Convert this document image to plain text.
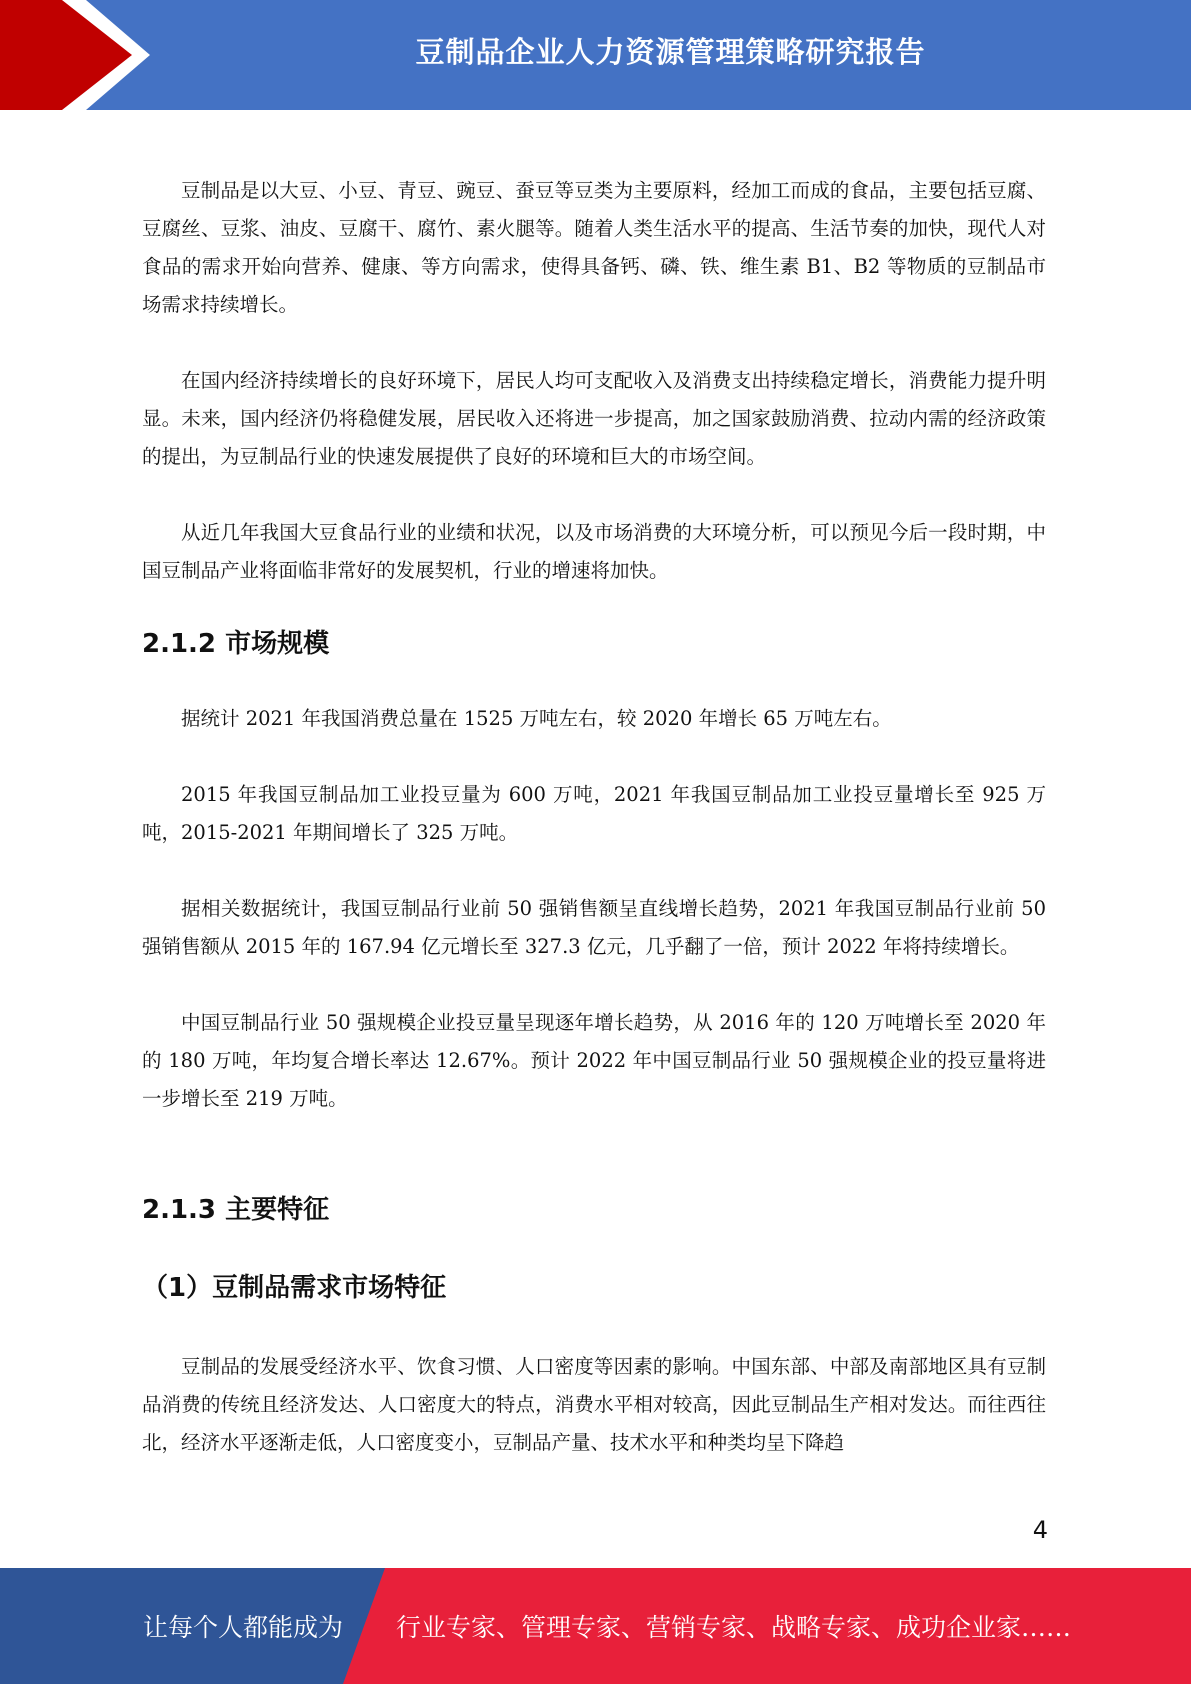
豆制品企业人力资源管理策略研究报告

豆制品是以大豆、小豆、青豆、豌豆、蚕豆等豆类为主要原料，经加工而成的食品，主要包括豆腐、豆腐丝、豆浆、油皮、豆腐干、腐竹、素火腿等。随着人类生活水平的提高、生活节奏的加快，现代人对食品的需求开始向营养、健康、等方向需求，使得具备钙、磷、铁、维生素 B1、B2 等物质的豆制品市场需求持续增长。

在国内经济持续增长的良好环境下，居民人均可支配收入及消费支出持续稳定增长，消费能力提升明显。未来，国内经济仍将稳健发展，居民收入还将进一步提高，加之国家鼓励消费、拉动内需的经济政策的提出，为豆制品行业的快速发展提供了良好的环境和巨大的市场空间。

从近几年我国大豆食品行业的业绩和状况，以及市场消费的大环境分析，可以预见今后一段时期，中国豆制品产业将面临非常好的发展契机，行业的增速将加快。

2.1.2 市场规模

据统计 2021 年我国消费总量在 1525 万吨左右，较 2020 年增长 65 万吨左右。

2015 年我国豆制品加工业投豆量为 600 万吨，2021 年我国豆制品加工业投豆量增长至 925 万吨，2015-2021 年期间增长了 325 万吨。

据相关数据统计，我国豆制品行业前 50 强销售额呈直线增长趋势，2021 年我国豆制品行业前 50 强销售额从 2015 年的 167.94 亿元增长至 327.3 亿元，几乎翻了一倍，预计 2022 年将持续增长。

中国豆制品行业 50 强规模企业投豆量呈现逐年增长趋势，从 2016 年的 120 万吨增长至 2020 年的 180 万吨，年均复合增长率达 12.67%。预计 2022 年中国豆制品行业 50 强规模企业的投豆量将进一步增长至 219 万吨。

2.1.3 主要特征
（1）豆制品需求市场特征

豆制品的发展受经济水平、饮食习惯、人口密度等因素的影响。中国东部、中部及南部地区具有豆制品消费的传统且经济发达、人口密度大的特点，消费水平相对较高，因此豆制品生产相对发达。而往西往北，经济水平逐渐走低，人口密度变小，豆制品产量、技术水平和种类均呈下降趋

4
让每个人都能成为 行业专家、管理专家、营销专家、战略专家、成功企业家……
